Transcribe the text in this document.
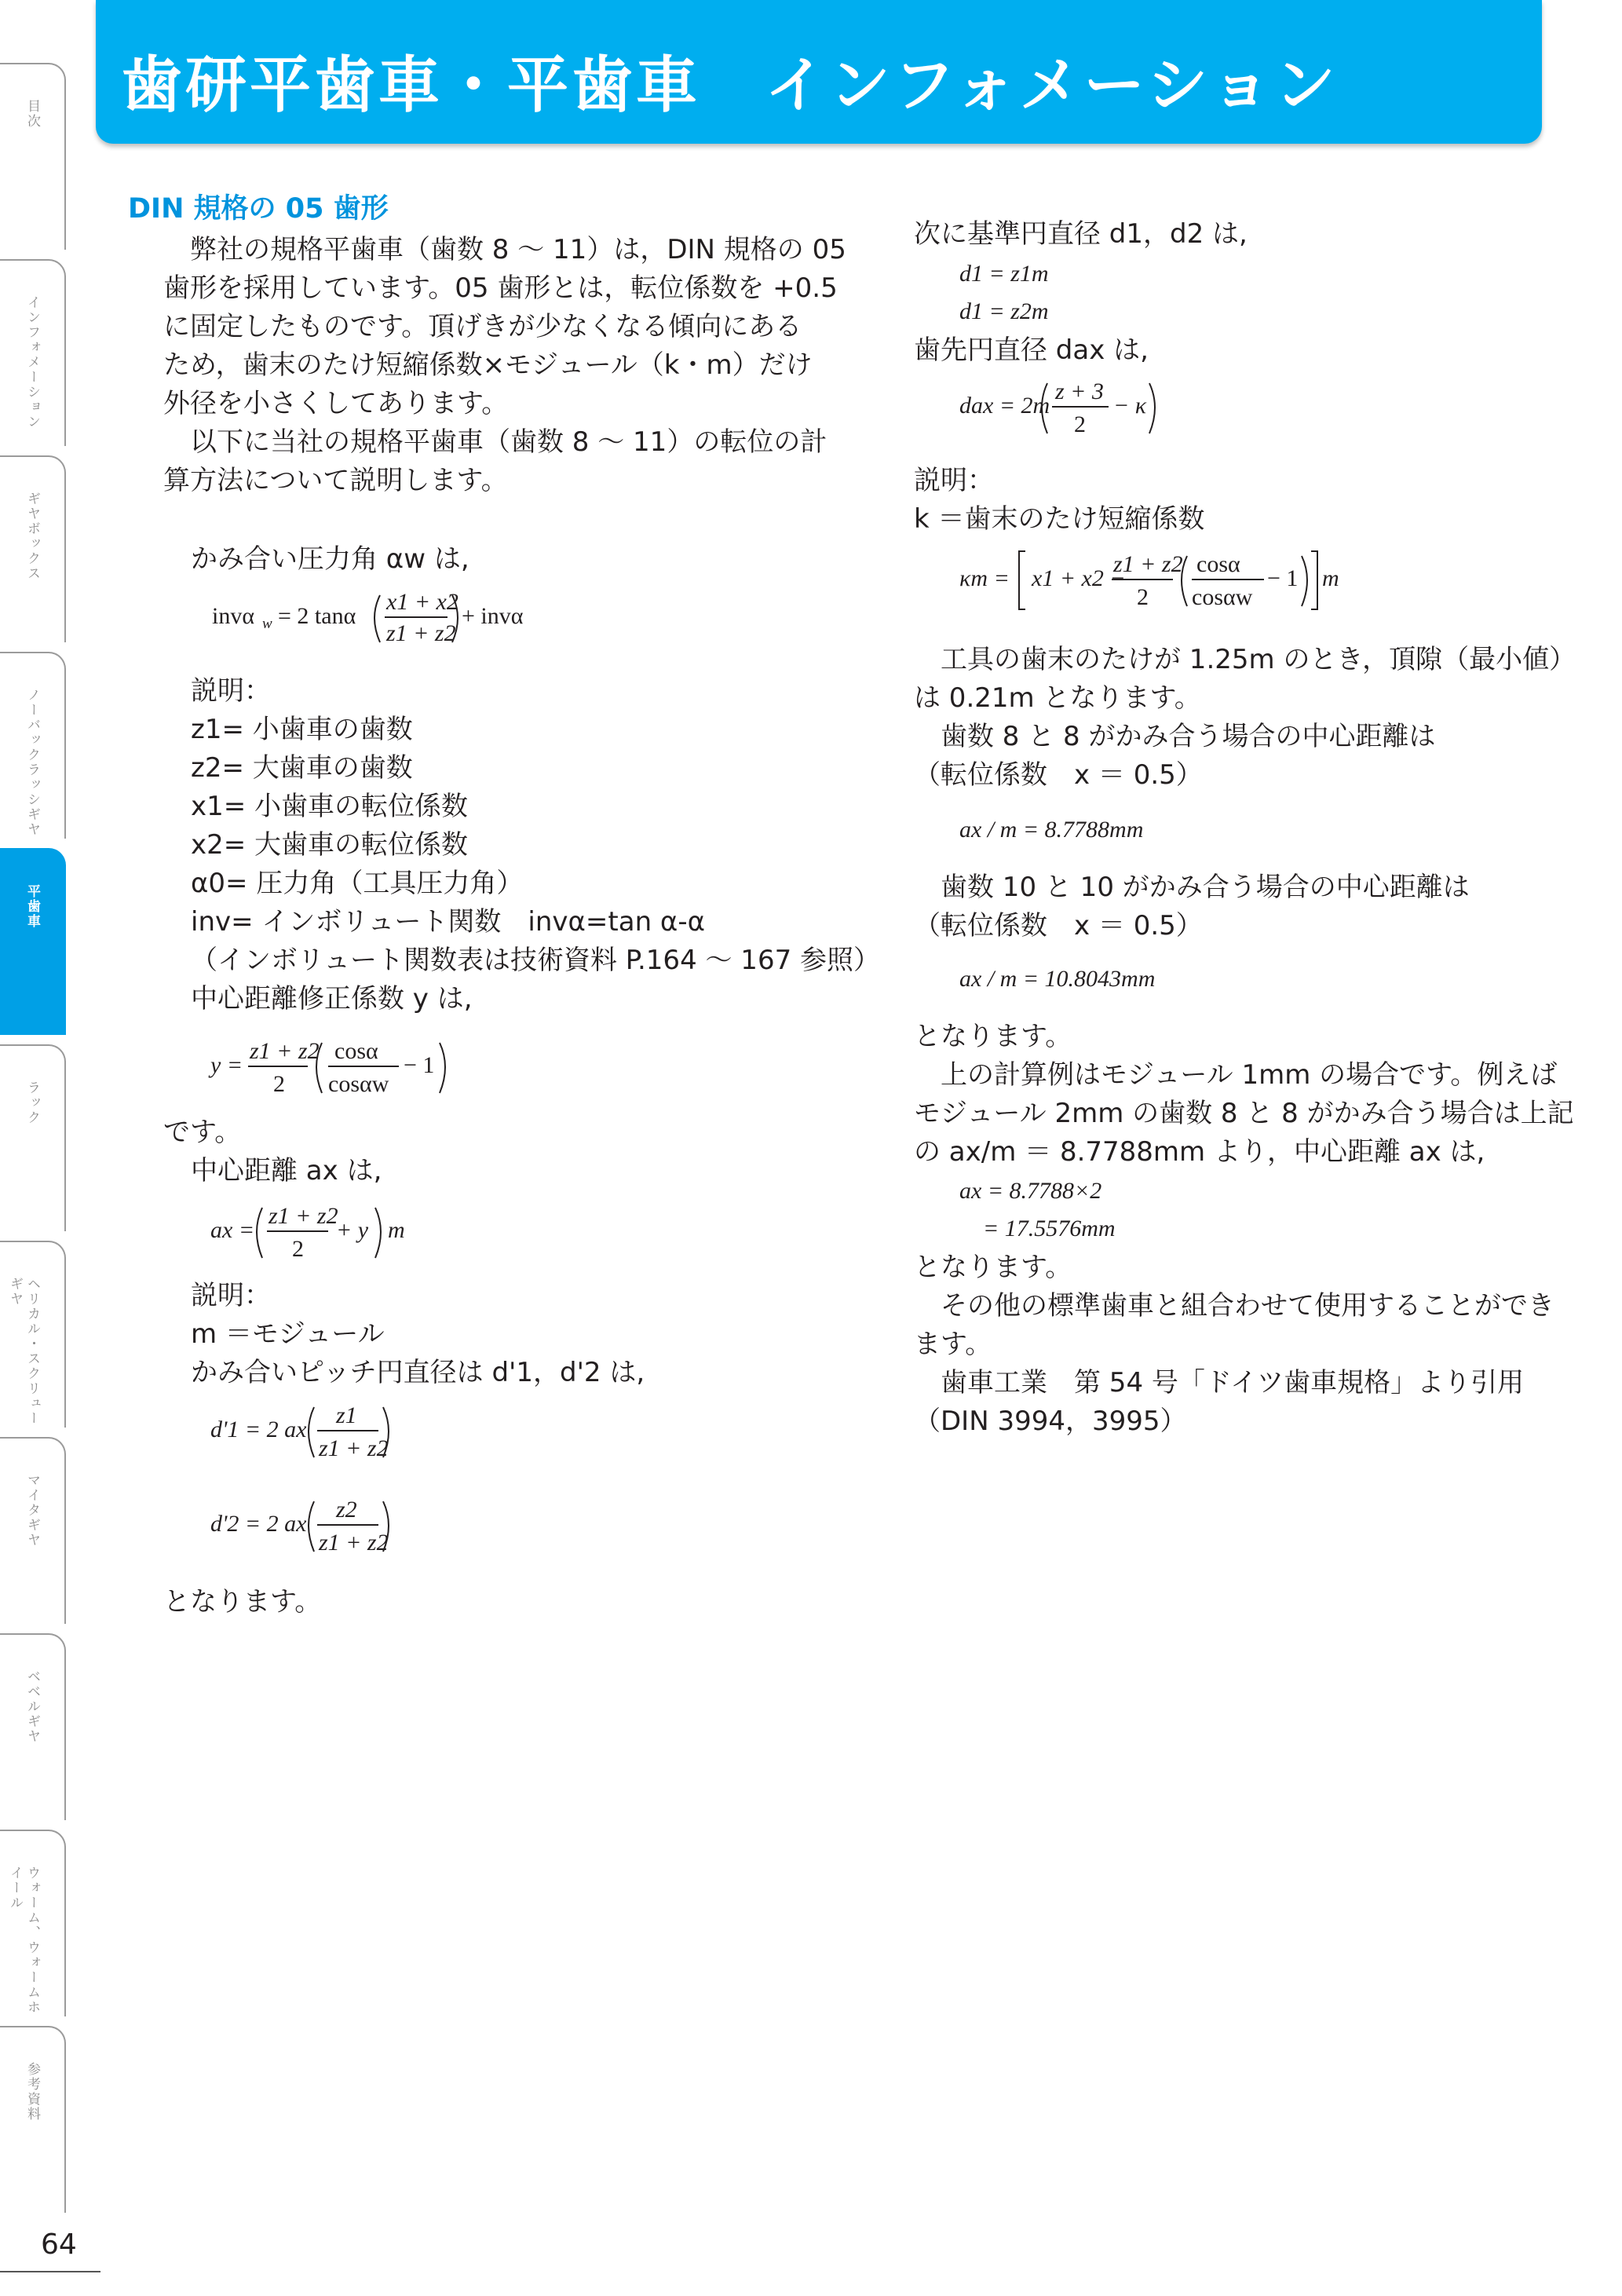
目次
インフォメーション
ギヤボックス
ノーバックラッシギヤ
平歯車
ラック
ヘリカル・スクリューギヤ
マイタギヤ
ベベルギヤ
ウォーム、ウォームホイール
参考資料
64
歯研平歯車・平歯車　インフォメーション
DIN 規格の 05 歯形
　弊社の規格平歯車（歯数 8 ～ 11）は，DIN 規格の 05
歯形を採用しています。05 歯形とは，転位係数を +0.5
に固定したものです。頂げきが少なくなる傾向にある
ため，歯末のたけ短縮係数×モジュール（k・m）だけ
外径を小さくしてあります。
　以下に当社の規格平歯車（歯数 8 ～ 11）の転位の計
算方法について説明します。
かみ合い圧力角 αw は,
invα w = 2 tanα
x1 + x2
z1 + z2
+ invα
説明：
z1= 小歯車の歯数
z2= 大歯車の歯数
x1= 小歯車の転位係数
x2= 大歯車の転位係数
α0= 圧力角（工具圧力角）
inv= インボリュート関数　invα=tan α-α
（インボリュート関数表は技術資料 P.164 ～ 167 参照）
中心距離修正係数 y は,
y =
z1 + z2
2
cosα
cosαw
− 1
です。
中心距離 ax は,
ax =
z1 + z2
2
+ y m
説明：
m ＝モジュール
かみ合いピッチ円直径は d'1，d'2 は,
d'1 = 2 ax
z1
z1 + z2
d'2 = 2 ax
z2
z1 + z2
となります。
次に基準円直径 d1，d2 は,
d1 = z1m
d1 = z2m
歯先円直径 dax は,
dax = 2m
z + 3
2
− κ
説明：
k ＝歯末のたけ短縮係数
κm = x1 + x2 −
z1 + z2
2
cosα
cosαw
− 1 m
　工具の歯末のたけが 1.25m のとき，頂隙（最小値）
は 0.21m となります。
　歯数 8 と 8 がかみ合う場合の中心距離は
（転位係数　x ＝ 0.5）
ax / m = 8.7788mm
　歯数 10 と 10 がかみ合う場合の中心距離は
（転位係数　x ＝ 0.5）
ax / m = 10.8043mm
となります。
　上の計算例はモジュール 1mm の場合です。例えば
モジュール 2mm の歯数 8 と 8 がかみ合う場合は上記
の ax/m ＝ 8.7788mm より，中心距離 ax は,
ax = 8.7788×2
= 17.5576mm
となります。
　その他の標準歯車と組合わせて使用することができ
ます。
　歯車工業　第 54 号「ドイツ歯車規格」より引用
（DIN 3994，3995）
